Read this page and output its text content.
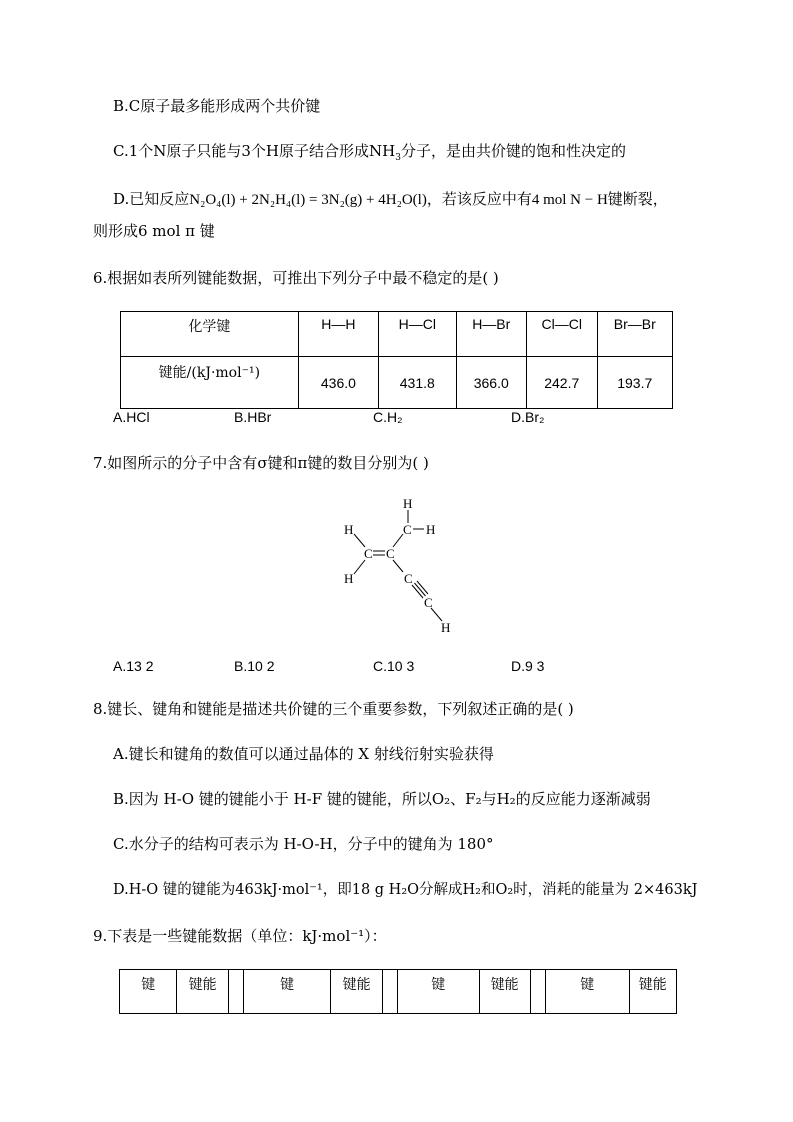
B.C原子最多能形成两个共价键
C.1个N原子只能与3个H原子结合形成$NH_3$分子，是由共价键的饱和性决定的
D.已知反应N₂O₄(l) + 2N₂H₄(l) = 3N₂(g) + 4H₂O(l)，若该反应中有4 mol N − H键断裂，
则形成6 mol π 键
6.根据如表所列键能数据，可推出下列分子中最不稳定的是( )
化学键	H—H	H—Cl	H—Br	Cl—Cl	Br—Br
键能/(kJ·mol⁻¹)	436.0	431.8	366.0	242.7	193.7
A.HCl	B.HBr	C.H₂	D.Br₂
7.如图所示的分子中含有σ键和π键的数目分别为( )
H
C H
H
C C
H	C
C
H
A.13 2	B.10 2	C.10 3	D.9 3
8.键长、键角和键能是描述共价键的三个重要参数，下列叙述正确的是( )
A.键长和键角的数值可以通过晶体的 X 射线衍射实验获得
B.因为 H-O 键的键能小于 H-F 键的键能，所以O₂、F₂与H₂的反应能力逐渐减弱
C.水分子的结构可表示为 H-O-H，分子中的键角为 180°
D.H-O 键的键能为463kJ·mol⁻¹，即18 g H₂O分解成H₂和O₂时，消耗的能量为 2×463kJ
9.下表是一些键能数据（单位：kJ·mol⁻¹）：
键	键能		键	键能		键	键能		键	键能
